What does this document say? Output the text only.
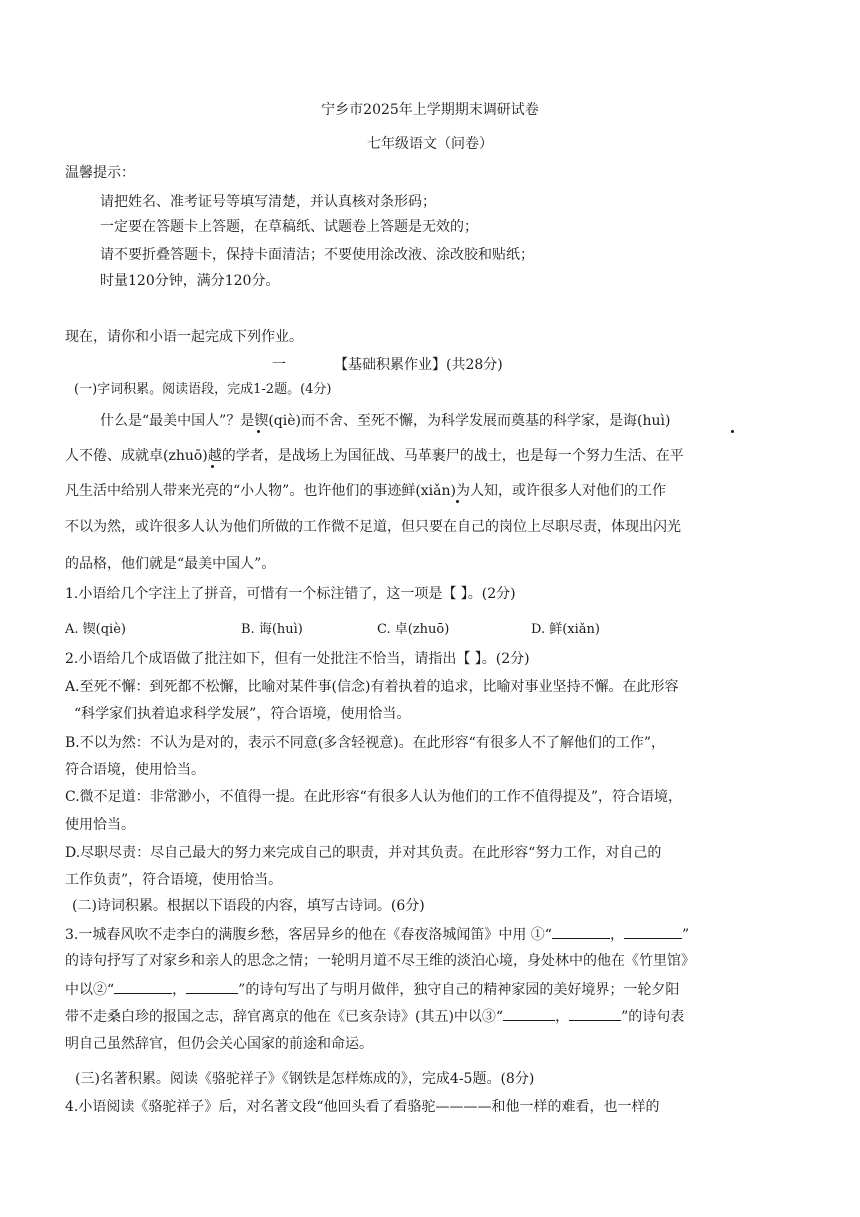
宁乡市2025年上学期期末调研试卷
七年级语文（问卷）
温馨提示：
请把姓名、准考证号等填写清楚，并认真核对条形码；
一定要在答题卡上答题，在草稿纸、试题卷上答题是无效的；
请不要折叠答题卡，保持卡面清洁；不要使用涂改液、涂改胶和贴纸；
时量120分钟，满分120分。
现在，请你和小语一起完成下列作业。
一	【基础积累作业】(共28分)
(一)字词积累。阅读语段，完成1-2题。(4分)
什么是“最美中国人”？是锲(qiè)而不舍、至死不懈，为科学发展而奠基的科学家，是诲(huì)
人不倦、成就卓(zhuō)越的学者，是战场上为国征战、马革裹尸的战士，也是每一个努力生活、在平
凡生活中给别人带来光亮的“小人物”。也许他们的事迹鲜(xiǎn)为人知，或许很多人对他们的工作
不以为然，或许很多人认为他们所做的工作微不足道，但只要在自己的岗位上尽职尽责，体现出闪光
的品格，他们就是“最美中国人”。
1.小语给几个字注上了拼音，可惜有一个标注错了，这一项是【 】。(2分)
A. 锲(qiè)	B. 诲(huì)	C. 卓(zhuō)	D. 鲜(xiǎn)
2.小语给几个成语做了批注如下，但有一处批注不恰当，请指出【 】。(2分)
A.至死不懈：到死都不松懈，比喻对某件事(信念)有着执着的追求，比喻对事业坚持不懈。在此形容
“科学家们执着追求科学发展”，符合语境，使用恰当。
B.不以为然：不认为是对的，表示不同意(多含轻视意)。在此形容“有很多人不了解他们的工作”，
符合语境，使用恰当。
C.微不足道：非常渺小，不值得一提。在此形容“有很多人认为他们的工作不值得提及”，符合语境，
使用恰当。
D.尽职尽责：尽自己最大的努力来完成自己的职责，并对其负责。在此形容“努力工作，对自己的
工作负责”，符合语境，使用恰当。
(二)诗词积累。根据以下语段的内容，填写古诗词。(6分)
3.一城春风吹不走李白的满腹乡愁，客居异乡的他在《春夜洛城闻笛》中用 ①“	，	”
的诗句抒写了对家乡和亲人的思念之情；一轮明月道不尽王维的淡泊心境，身处林中的他在《竹里馆》
中以②“	，	”的诗句写出了与明月做伴，独守自己的精神家园的美好境界；一轮夕阳
带不走桑白珍的报国之志，辞官离京的他在《已亥杂诗》(其五)中以③“	，	”的诗句表
明自己虽然辞官，但仍会关心国家的前途和命运。
(三)名著积累。阅读《骆驼祥子》《钢铁是怎样炼成的》，完成4-5题。(8分)
4.小语阅读《骆驼祥子》后，对名著文段“他回头看了看骆驼————和他一样的难看，也一样的
